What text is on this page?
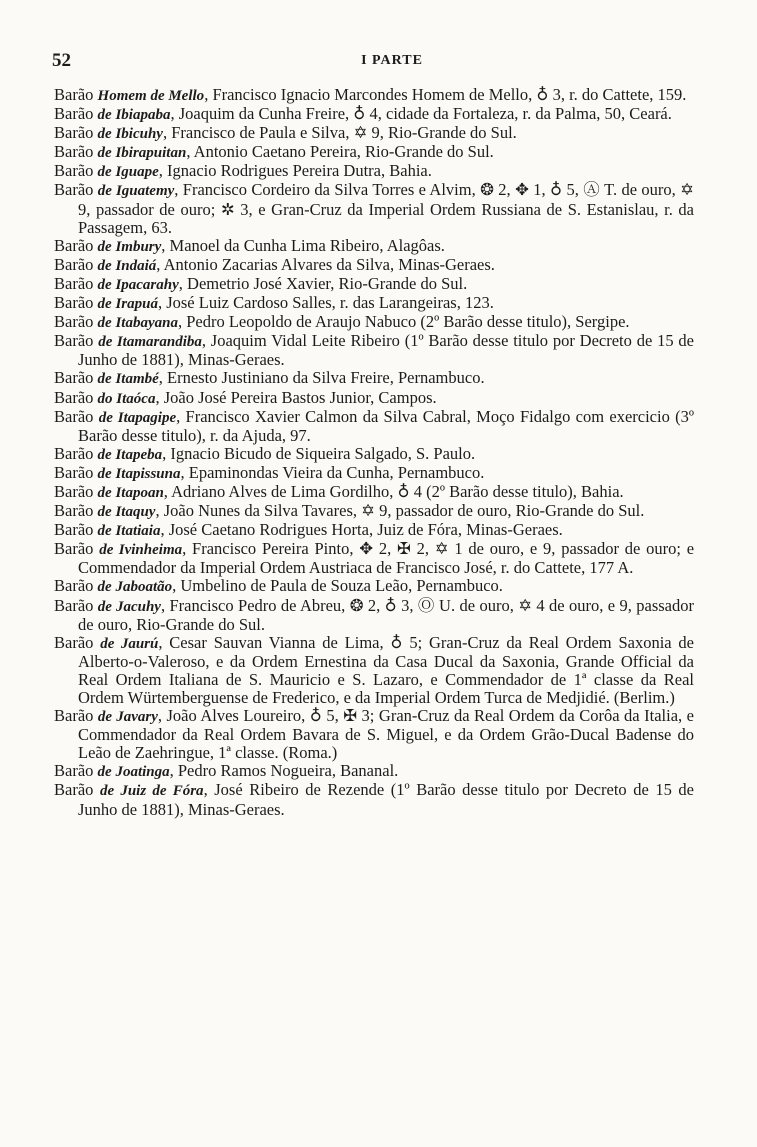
52	I PARTE

Barão Homem de Mello, Francisco Ignacio Marcondes Homem de Mello, ♁ 3, r. do Cattete, 159.

Barão de Ibiapaba, Joaquim da Cunha Freire, ♁ 4, cidade da Fortaleza, r. da Palma, 50, Ceará.

Barão de Ibicuhy, Francisco de Paula e Silva, ✡ 9, Rio-Grande do Sul.

Barão de Ibirapuitan, Antonio Caetano Pereira, Rio-Grande do Sul.

Barão de Iguape, Ignacio Rodrigues Pereira Dutra, Bahia.

Barão de Iguatemy, Francisco Cordeiro da Silva Torres e Alvim, ❂ 2, ✥ 1, ♁ 5, Ⓐ T. de ouro, ✡ 9, passador de ouro; ✲ 3, e Gran-Cruz da Imperial Ordem Russiana de S. Estanislau, r. da Passagem, 63.

Barão de Imbury, Manoel da Cunha Lima Ribeiro, Alagôas.

Barão de Indaiá, Antonio Zacarias Alvares da Silva, Minas-Geraes.

Barão de Ipacarahy, Demetrio José Xavier, Rio-Grande do Sul.

Barão de Irapuá, José Luiz Cardoso Salles, r. das Larangeiras, 123.

Barão de Itabayana, Pedro Leopoldo de Araujo Nabuco (2º Barão desse titulo), Sergipe.

Barão de Itamarandiba, Joaquim Vidal Leite Ribeiro (1º Barão desse titulo por Decreto de 15 de Junho de 1881), Minas-Geraes.

Barão de Itambé, Ernesto Justiniano da Silva Freire, Pernambuco.

Barão do Itaóca, João José Pereira Bastos Junior, Campos.

Barão de Itapagipe, Francisco Xavier Calmon da Silva Cabral, Moço Fidalgo com exercicio (3º Barão desse titulo), r. da Ajuda, 97.

Barão de Itapeba, Ignacio Bicudo de Siqueira Salgado, S. Paulo.

Barão de Itapissuna, Epaminondas Vieira da Cunha, Pernambuco.

Barão de Itapoan, Adriano Alves de Lima Gordilho, ♁ 4 (2º Barão desse titulo), Bahia.

Barão de Itaquy, João Nunes da Silva Tavares, ✡ 9, passador de ouro, Rio-Grande do Sul.

Barão de Itatiaia, José Caetano Rodrigues Horta, Juiz de Fóra, Minas-Geraes.

Barão de Ivinheima, Francisco Pereira Pinto, ✥ 2, ✠ 2, ✡ 1 de ouro, e 9, passador de ouro; e Commendador da Imperial Ordem Austriaca de Francisco José, r. do Cattete, 177 A.

Barão de Jaboatão, Umbelino de Paula de Souza Leão, Pernambuco.

Barão de Jacuhy, Francisco Pedro de Abreu, ❂ 2, ♁ 3, Ⓞ U. de ouro, ✡ 4 de ouro, e 9, passador de ouro, Rio-Grande do Sul.

Barão de Jaurú, Cesar Sauvan Vianna de Lima, ♁ 5; Gran-Cruz da Real Ordem Saxonia de Alberto-o-Valeroso, e da Ordem Ernestina da Casa Ducal da Saxonia, Grande Official da Real Ordem Italiana de S. Mauricio e S. Lazaro, e Commendador de 1ª classe da Real Ordem Würtemberguense de Frederico, e da Imperial Ordem Turca de Medjidié. (Berlim.)

Barão de Javary, João Alves Loureiro, ♁ 5, ✠ 3; Gran-Cruz da Real Ordem da Corôa da Italia, e Commendador da Real Ordem Bavara de S. Miguel, e da Ordem Grão-Ducal Badense do Leão de Zaehringue, 1ª classe. (Roma.)

Barão de Joatinga, Pedro Ramos Nogueira, Bananal.

Barão de Juiz de Fóra, José Ribeiro de Rezende (1º Barão desse titulo por Decreto de 15 de Junho de 1881), Minas-Geraes.
